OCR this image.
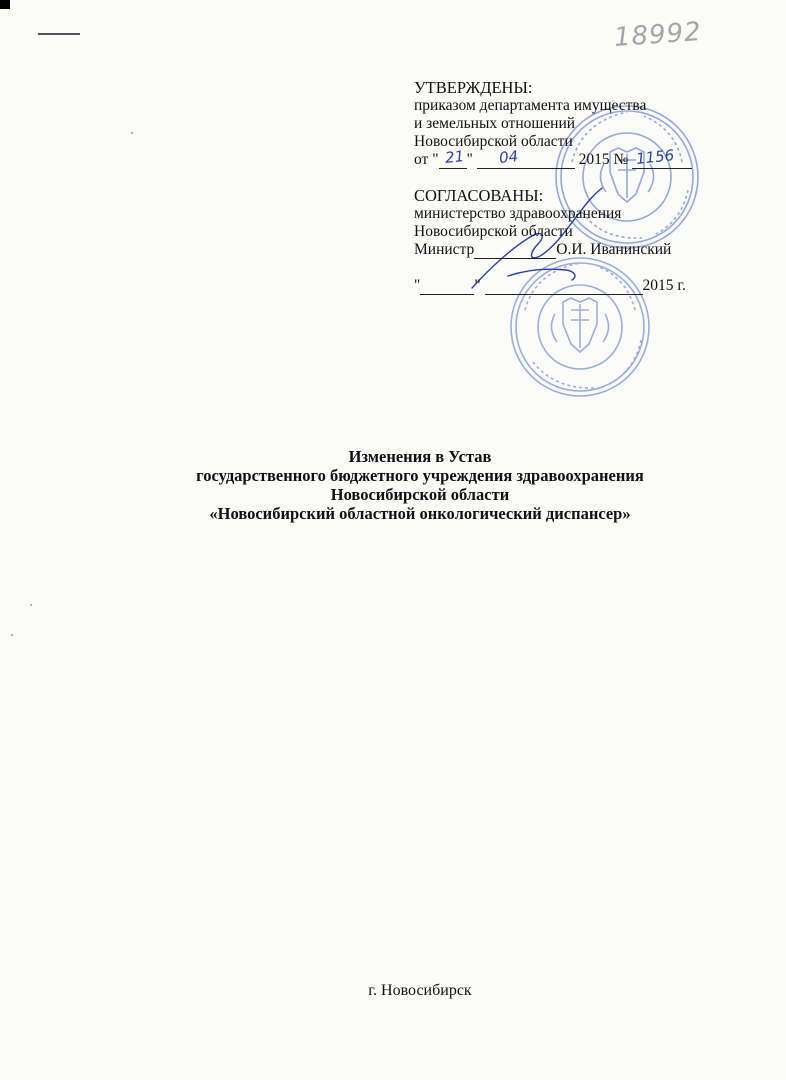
18992
УТВЕРЖДЕНЫ:
приказом департамента имущества
и земельных отношений
Новосибирской области
от " 21 " 04	2015 № 1156
СОГЛАСОВАНЫ:
министерство здравоохранения
Новосибирской области
Министр	О.И. Иванинский
"	"	2015 г.
Изменения в Устав
государственного бюджетного учреждения здравоохранения
Новосибирской области
«Новосибирский областной онкологический диспансер»
г. Новосибирск
